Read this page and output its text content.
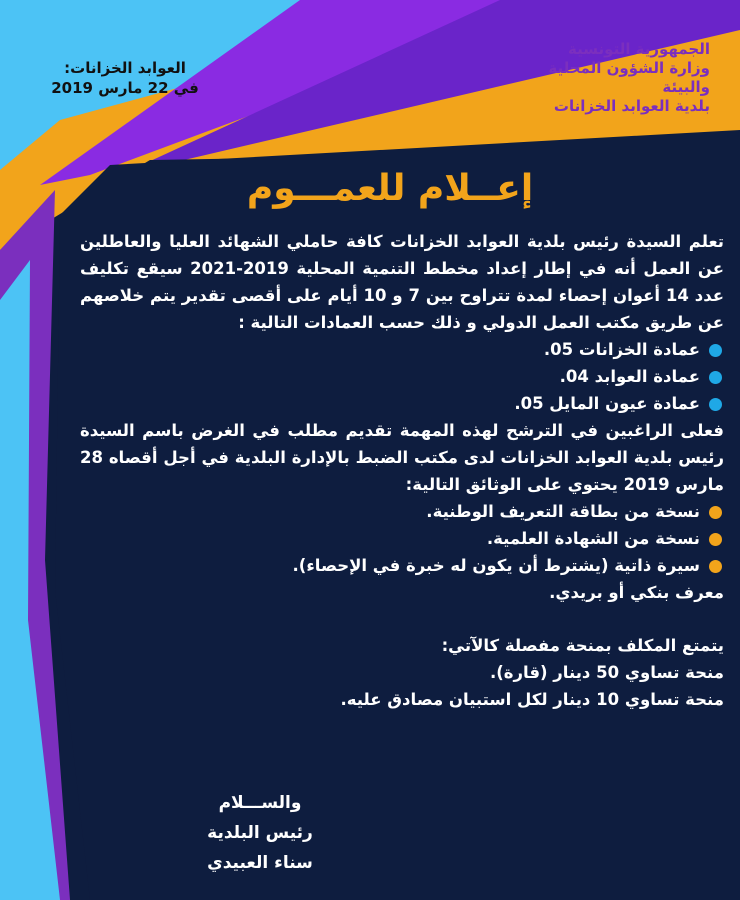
العوابد الخزانات:
في 22 مارس 2019
الجمهورية التونسية
وزارة الشؤون المحلية
والبيئة
بلدية العوابد الخزانات
إعــلام للعمـــوم

تعلم السيدة رئيس بلدية العوابد الخزانات كافة حاملي الشهائد العليا والعاطلين عن العمل أنه في إطار إعداد مخطط التنمية المحلية 2019-2021 سيقع تكليف عدد 14 أعوان إحصاء لمدة تتراوح بين 7 و 10 أيام على أقصى تقدير يتم خلاصهم عن طريق مكتب العمل الدولي و ذلك حسب العمادات التالية :

عمادة الخزانات 05.
عمادة العوابد 04.
عمادة عيون المايل 05.

فعلى الراغبين في الترشح لهذه المهمة تقديم مطلب في الغرض باسم السيدة رئيس بلدية العوابد الخزانات لدى مكتب الضبط بالإدارة البلدية في أجل أقصاه 28 مارس 2019 يحتوي على الوثائق التالية:

نسخة من بطاقة التعريف الوطنية.
نسخة من الشهادة العلمية.
سيرة ذاتية (يشترط أن يكون له خبرة في الإحصاء).

معرف بنكي أو بريدي.

يتمتع المكلف بمنحة مفصلة كالآتي:

منحة تساوي 50 دينار (قارة).

منحة تساوي 10 دينار لكل استبيان مصادق عليه.

والســـلام
رئيس البلدية
سناء العبيدي
